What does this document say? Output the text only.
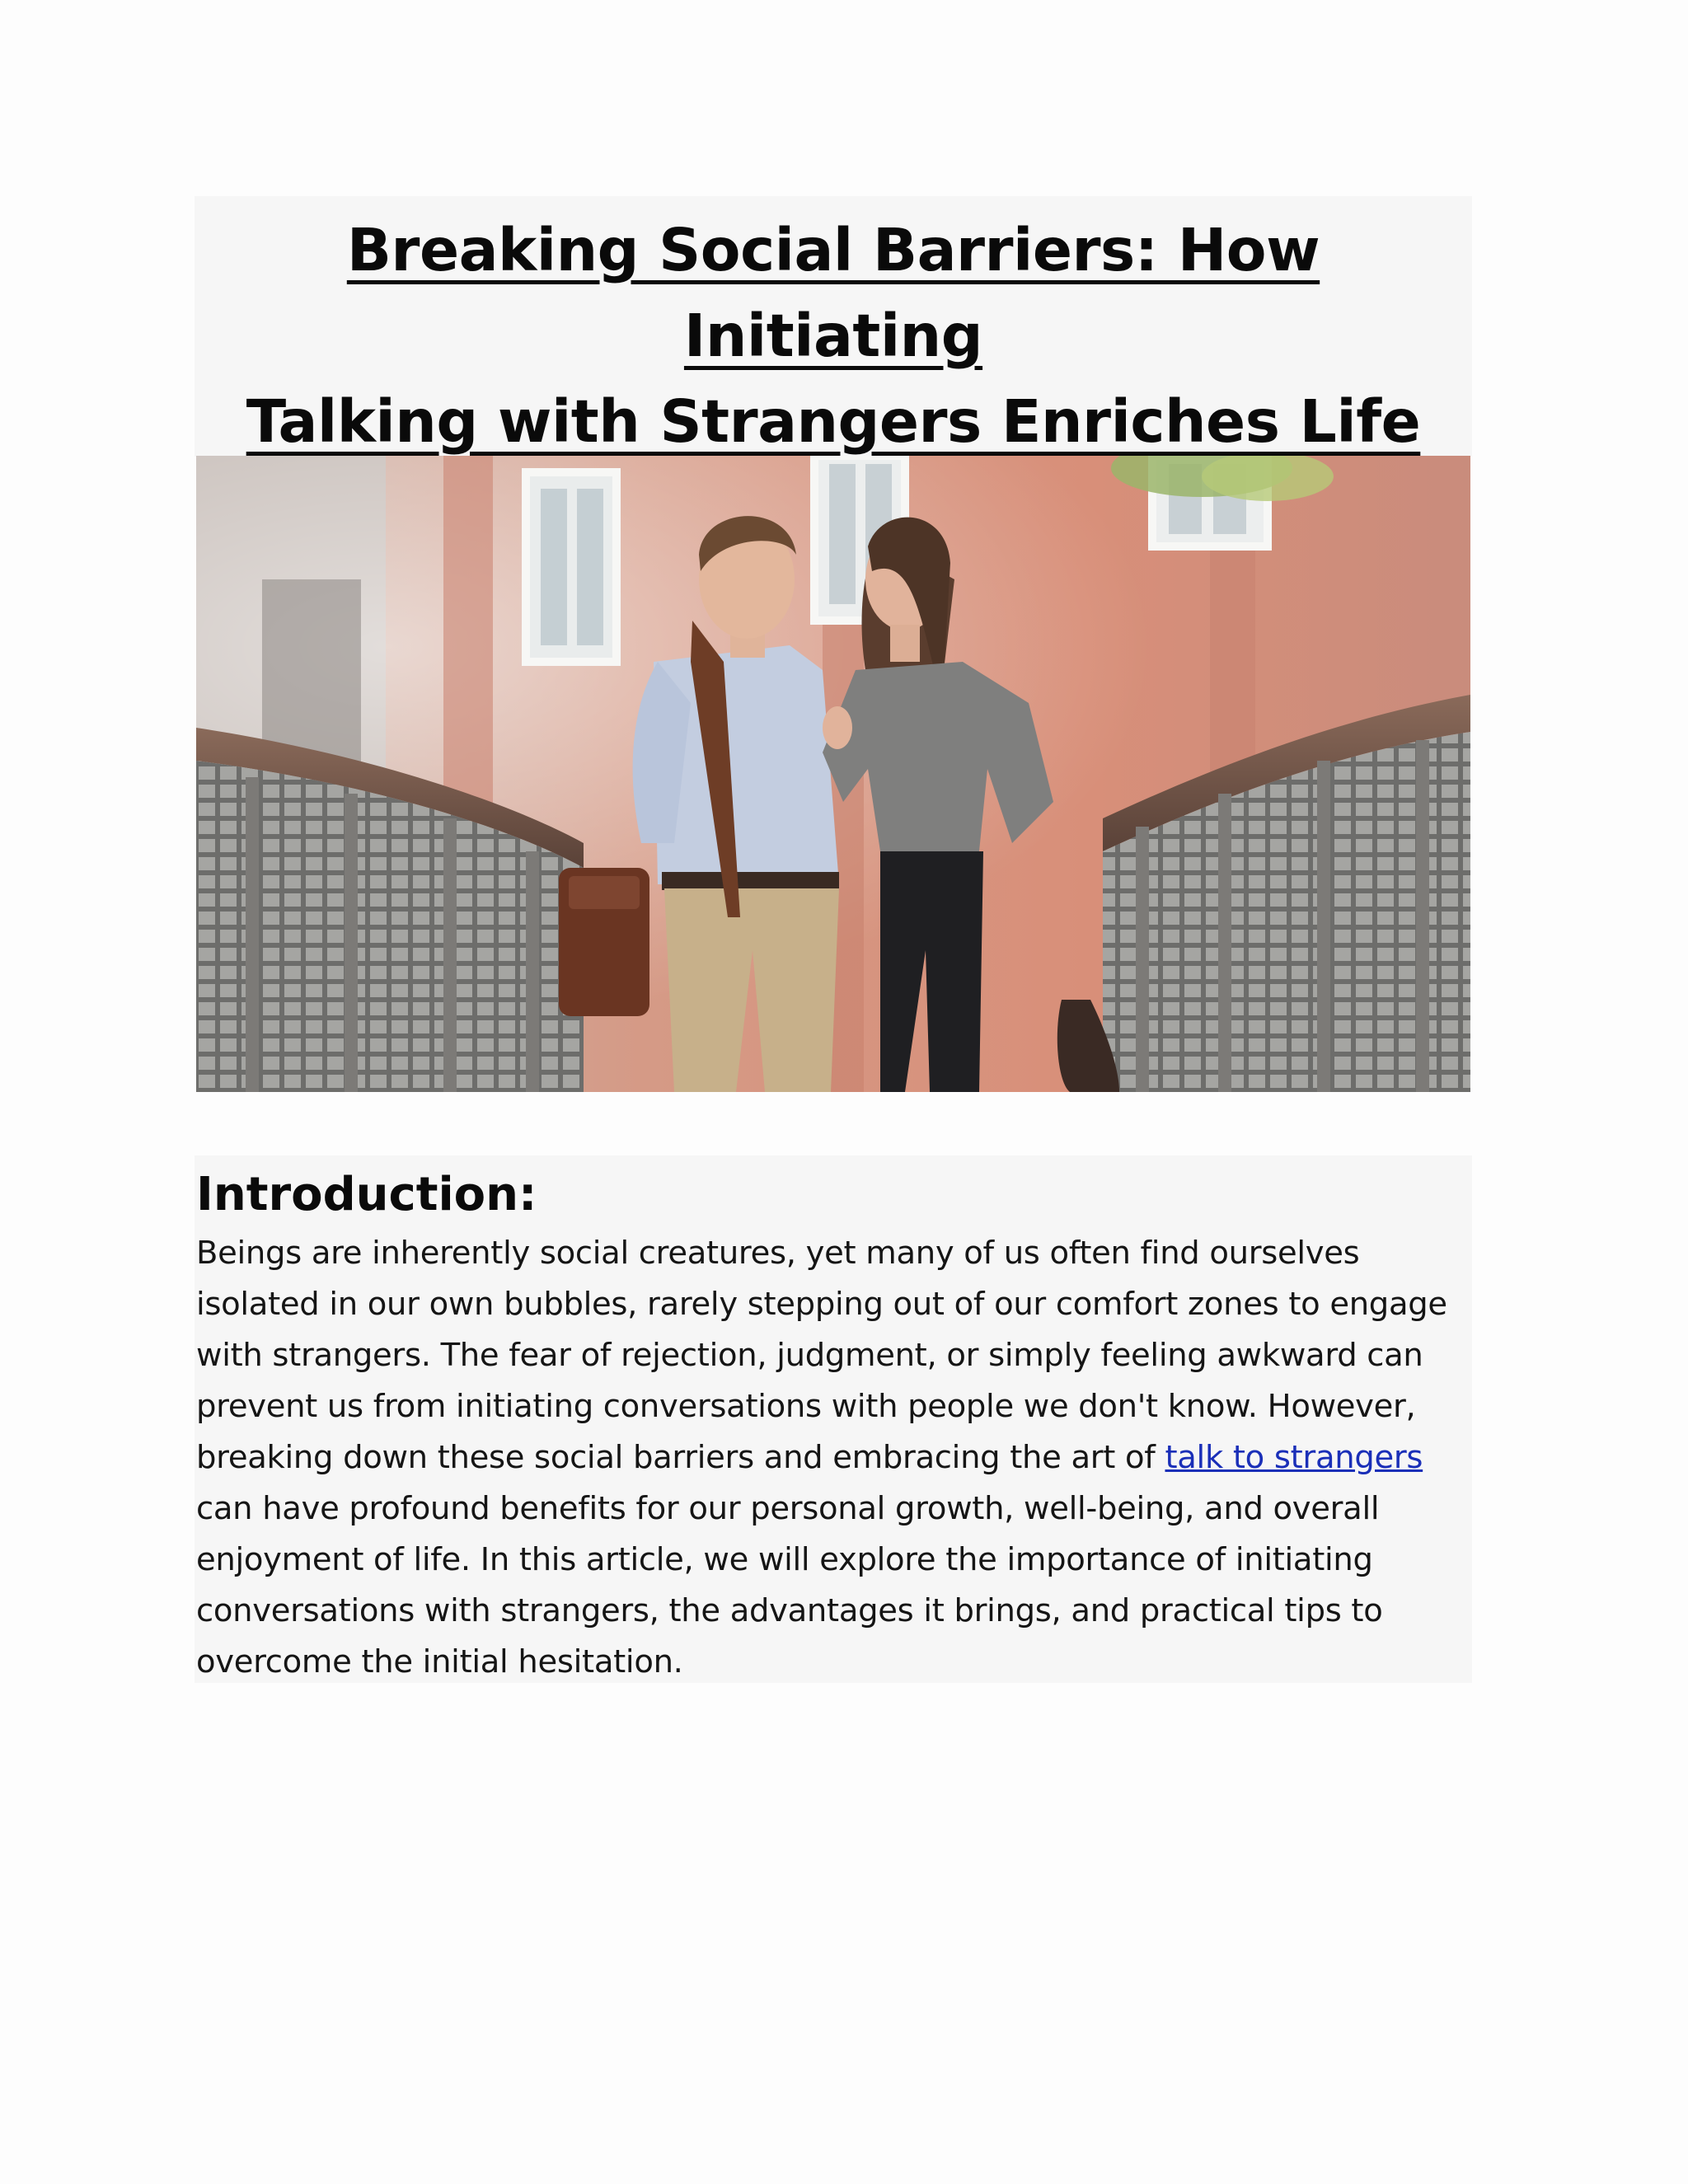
Breaking Social Barriers: How Initiating
Talking with Strangers Enriches Life
Introduction:

Beings are inherently social creatures, yet many of us often find ourselves isolated in our own bubbles, rarely stepping out of our comfort zones to engage with strangers. The fear of rejection, judgment, or simply feeling awkward can prevent us from initiating conversations with people we don't know. However, breaking down these social barriers and embracing the art of talk to strangers can have profound benefits for our personal growth, well-being, and overall enjoyment of life. In this article, we will explore the importance of initiating conversations with strangers, the advantages it brings, and practical tips to overcome the initial hesitation.
